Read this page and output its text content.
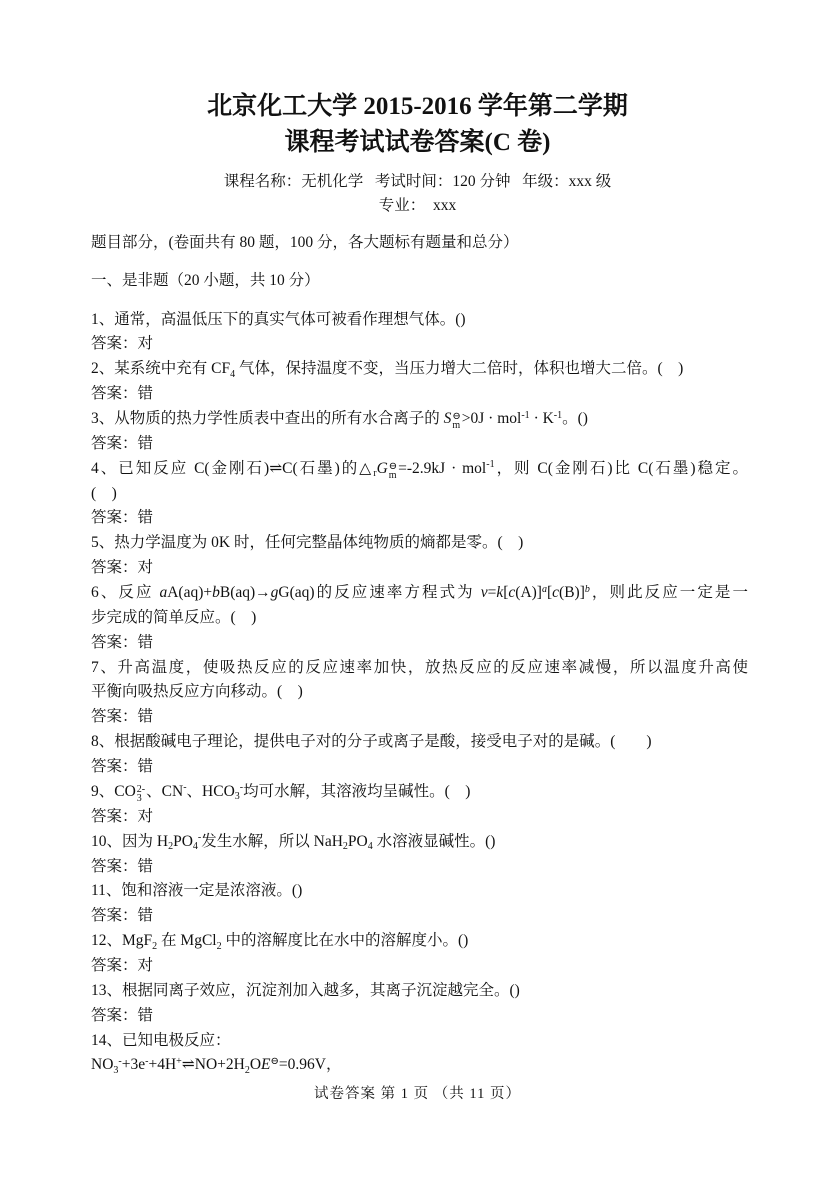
北京化工大学 2015-2016 学年第二学期
课程考试试卷答案(C 卷)
课程名称：无机化学   考试时间：120 分钟   年级：xxx 级
专业：  xxx
题目部分，(卷面共有 80 题，100 分，各大题标有题量和总分）
一、是非题（20 小题，共 10 分）
1、通常，高温低压下的真实气体可被看作理想气体。()
答案：对
2、某系统中充有 $CF_4$ 气体，保持温度不变，当压力增大二倍时，体积也增大二倍。(　)
答案：错
3、从物质的热力学性质表中查出的所有水合离子的 S ⊖
$m >0J \cdot mol^{-1} \cdot K^{-1}$。()
答案：错
4、已知反应 C(金刚石)⇌C(石墨)的$\triangle_rG$ ⊖
m =-2.9kJ · mol$^{-1}$，则 C(金刚石)比 C(石墨)稳定。
(　)
答案：错
5、热力学温度为 0K 时，任何完整晶体纯物质的熵都是零。(　)
答案：对
6、反应 aA(aq)+bB(aq)→gG(aq)的反应速率方程式为 $v=k[c(A)]^a[c(B)]^b$，则此反应一定是一
步完成的简单反应。(　)
答案：错
7、升高温度，使吸热反应的反应速率加快，放热反应的反应速率减慢，所以温度升高使
平衡向吸热反应方向移动。(　)
答案：错
8、根据酸碱电子理论，提供电子对的分子或离子是酸，接受电子对的是碱。(　　)
答案：错
9、CO 2-
3 、CN-、$HCO_3^-$均可水解，其溶液均呈碱性。(　)
答案：对
10、因为 $H_2PO_4^-$发生水解，所以 $NaH_2PO_4$ 水溶液显碱性。()
答案：错
11、饱和溶液一定是浓溶液。()
答案：错
12、MgF$_2$ 在 MgCl$_2$ 中的溶解度比在水中的溶解度小。()
答案：对
13、根据同离子效应，沉淀剂加入越多，其离子沉淀越完全。()
答案：错
14、已知电极反应：
$NO_3^-+3e^-+4H^+\rightleftharpoons NO+2H_2OE^⊖=0.96V$，
试卷答案 第 1 页 （共 11 页）
